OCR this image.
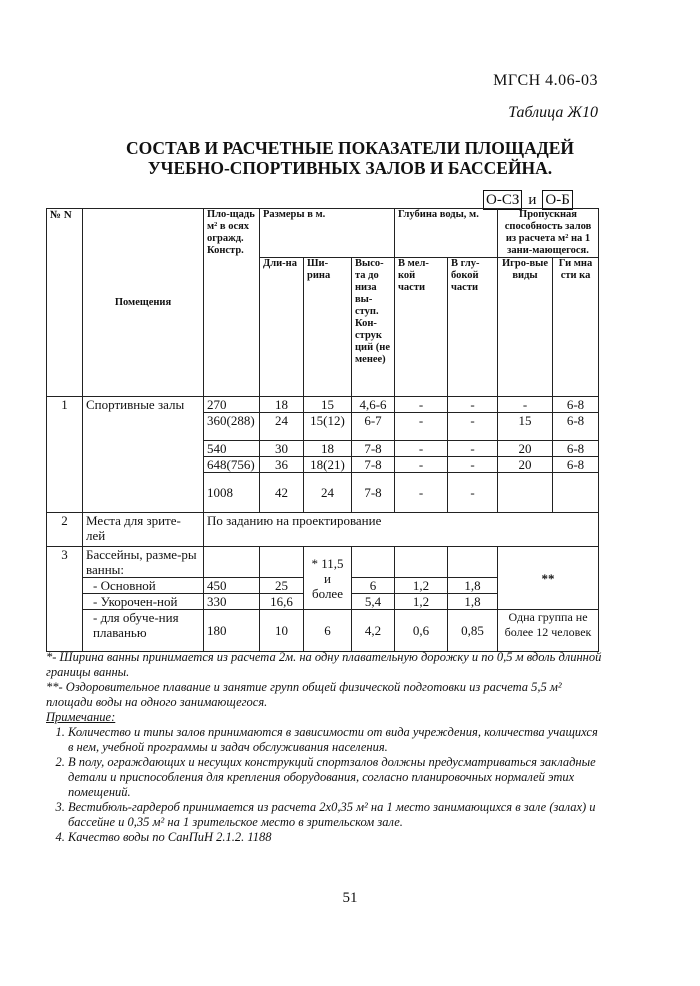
МГСН 4.06-03
Таблица Ж10
СОСТАВ И РАСЧЕТНЫЕ ПОКАЗАТЕЛИ ПЛОЩАДЕЙ
УЧЕБНО-СПОРТИВНЫХ ЗАЛОВ И БАССЕЙНА.
О-СЗ и О-Б
№ N	Помещения	Пло-щадь м² в осях огражд. Констр.	Размеры в м.			Глубина воды, м.		Пропускная способность залов из расчета м² на 1 зани-мающегося.	
			Дли-на	Ши-рина	Высо-та до низа вы-ступ. Кон-струк ций (не менее)	В мел-кой части	В глу-бокой части		
								Игро-вые виды	Ги мна сти ка
1	Спортивные залы	270	18	15	4,6-6	-	-	-	6-8
		360(288)	24	15(12)	6-7	-	-	15	6-8
		540	30	18	7-8	-	-	20	6-8
		648(756)	36	18(21)	7-8	-	-	20	6-8
		1008	42	24	7-8	-	-		
2	Места для зрите-лей	По заданию на проектирование							
3	Бассейны, разме-ры ванны:			* 11,5 и более				**	
	- Основной	450	25		6	1,2	1,8		
	- Укорочен-ной	330	16,6		5,4	1,2	1,8		
	- для обуче-ния плаванью	180	10	6	4,2	0,6	0,85	Одна группа не более 12 человек	

*- Ширина ванны принимается из расчета 2м. на одну плавательную дорожку и по 0,5 м вдоль длинной границы ванны.

**- Оздоровительное плавание и занятие групп общей физической подготовки из расчета 5,5 м² площади воды на одного занимающегося.

Примечание:

1. Количество и типы залов принимаются в зависимости от вида учреждения, количества учащихся в нем, учебной программы и задач обслуживания населения.
2. В полу, ограждающих и несущих конструкций спортзалов должны предусматриваться закладные детали и приспособления для крепления оборудования, согласно планировочных нормалей этих помещений.
3. Вестибюль-гардероб принимается из расчета 2х0,35 м² на 1 место занимающихся в зале (залах) и бассейне и 0,35 м² на 1 зрительское место в зрительском зале.
4. Качество воды по СанПиН 2.1.2. 1188
51
